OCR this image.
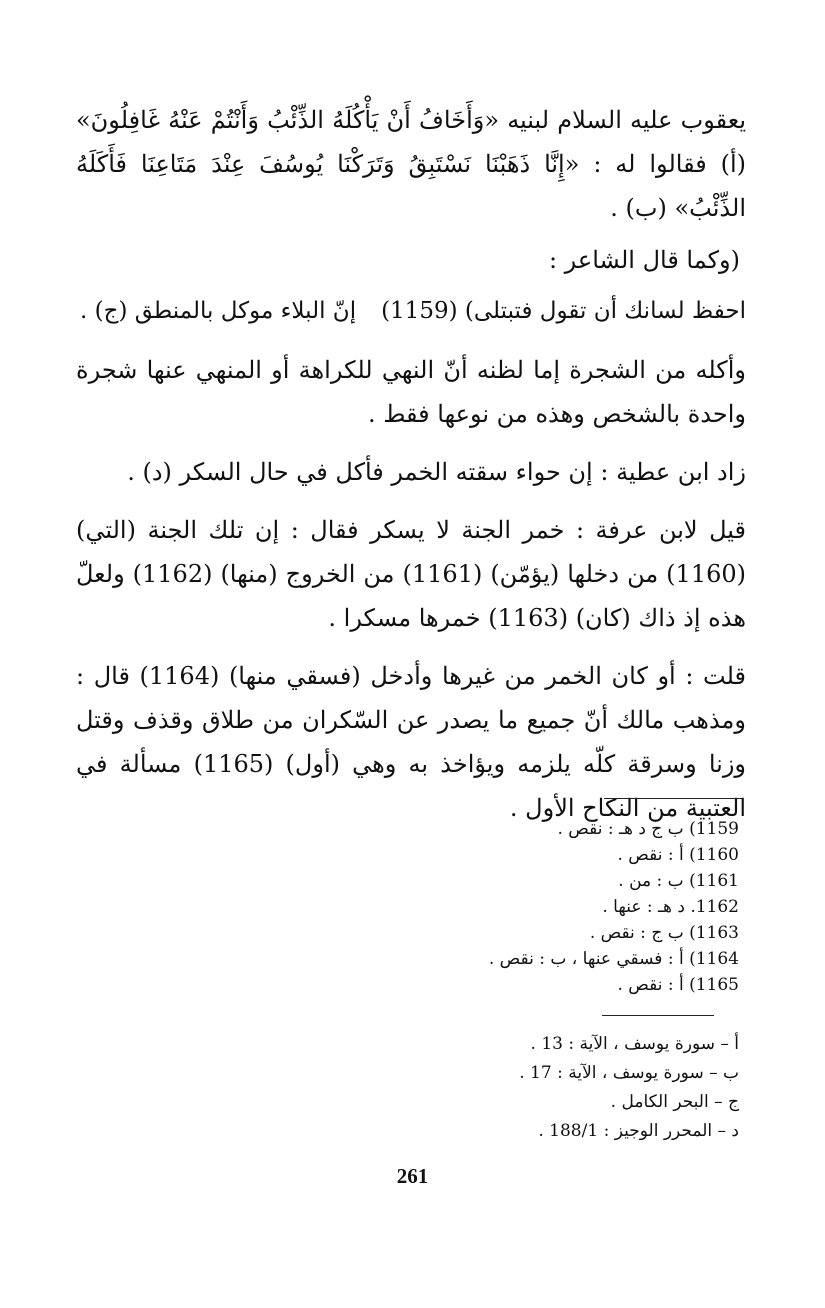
يعقوب عليه السلام لبنيه «وَأَخَافُ أَنْ يَأْكُلَهُ الذِّئْبُ وَأَنْتُمْ عَنْهُ غَافِلُونَ» (أ) فقالوا له : «إِنَّا ذَهَبْنَا نَسْتَبِقُ وَتَرَكْنَا يُوسُفَ عِنْدَ مَتَاعِنَا فَأَكَلَهُ الذِّئْبُ» (ب) .

(وكما قال الشاعر :

احفظ لسانك أن تقول فتبتلى) (1159)
إنّ البلاء موكل بالمنطق (ج) .

وأكله من الشجرة إما لظنه أنّ النهي للكراهة أو المنهي عنها شجرة واحدة بالشخص وهذه من نوعها فقط .

زاد ابن عطية : إن حواء سقته الخمر فأكل في حال السكر (د) .

قيل لابن عرفة : خمر الجنة لا يسكر فقال : إن تلك الجنة (التي) (1160) من دخلها (يؤمّن) (1161) من الخروج (منها) (1162) ولعلّ هذه إذ ذاك (كان) (1163) خمرها مسكرا .

قلت : أو كان الخمر من غيرها وأدخل (فسقي منها) (1164) قال : ومذهب مالك أنّ جميع ما يصدر عن السّكران من طلاق وقذف وقتل وزنا وسرقة كلّه يلزمه ويؤاخذ به وهي (أول) (1165) مسألة في العتبية من النكاح الأول .

1159) ب ج د هـ : نقص .
1160) أ : نقص .
1161) ب : من .
1162. د هـ : عنها .
1163) ب ج : نقص .
1164) أ : فسقي عنها ، ب : نقص .
1165) أ : نقص .
أ – سورة يوسف ، الآية : 13 .
ب – سورة يوسف ، الآية : 17 .
ج – البحر الكامل .
د – المحرر الوجيز : 188/1 .
261
